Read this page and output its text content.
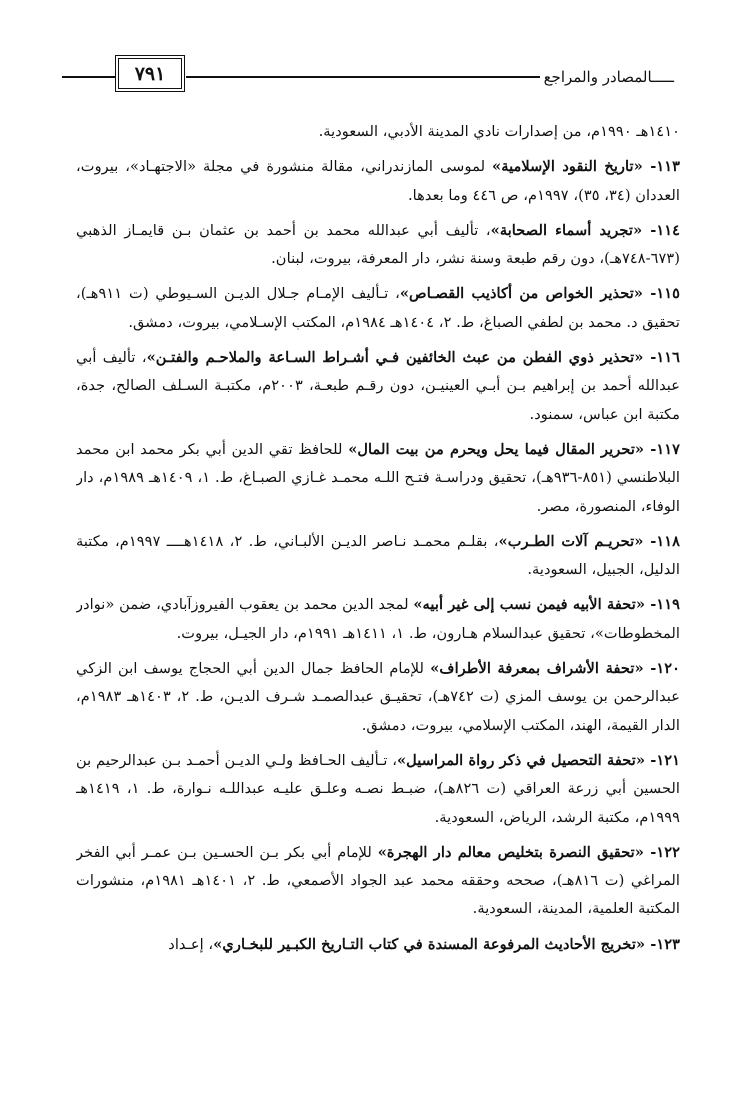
ـــــالمصادر والمراجع
٧٩١

١٤١٠هـ ١٩٩٠م، من إصدارات نادي المدينة الأدبي، السعودية.

١١٣- «تاريخ النقود الإسلامية» لموسى المازندراني، مقالة منشورة في مجلة «الاجتهـاد»، بيروت، العددان (٣٤، ٣٥)، ١٩٩٧م، ص ٤٤٦ وما بعدها.

١١٤- «تجريد أسماء الصحابة»، تأليف أبي عبدالله محمد بن أحمد بن عثمان بـن قايمـاز الذهبي (٦٧٣-٧٤٨هـ)، دون رقم طبعة وسنة نشر، دار المعرفة، بيروت، لبنان.

١١٥- «تحذير الخواص من أكاذيب القصـاص»، تـأليف الإمـام جـلال الديـن السـيوطي (ت ٩١١هـ)، تحقيق د. محمد بن لطفي الصباغ، ط. ٢، ١٤٠٤هـ ١٩٨٤م، المكتب الإسـلامي، بيروت، دمشق.

١١٦- «تحذير ذوي الفطن من عبث الخائفين فـي أشـراط السـاعة والملاحـم والفتـن»، تأليف أبي عبدالله أحمد بن إبراهيم بـن أبـي العينيـن، دون رقـم طبعـة، ٢٠٠٣م، مكتبـة السـلف الصالح، جدة، مكتبة ابن عباس، سمنود.

١١٧- «تحرير المقال فيما يحل ويحرم من بيت المال» للحافظ تقي الدين أبي بكر محمد ابن محمد البلاطنسي (٨٥١-٩٣٦هـ)، تحقيق ودراسـة فتـح اللـه محمـد غـازي الصبـاغ، ط. ١، ١٤٠٩هـ ١٩٨٩م، دار الوفاء، المنصورة، مصر.

١١٨- «تحريـم آلات الطـرب»، بقلـم محمـد نـاصر الديـن الألبـاني، ط. ٢، ١٤١٨هــــ ١٩٩٧م، مكتبة الدليل، الجبيل، السعودية.

١١٩- «تحفة الأبيه فيمن نسب إلى غير أبيه» لمجد الدين محمد بن يعقوب الفيروزآبادي، ضمن «نوادر المخطوطات»، تحقيق عبدالسلام هـارون، ط. ١، ١٤١١هـ ١٩٩١م، دار الجيـل، بيروت.

١٢٠- «تحفة الأشراف بمعرفة الأطراف» للإمام الحافظ جمال الدين أبي الحجاج يوسف ابن الزكي عبدالرحمن بن يوسف المزي (ت ٧٤٢هـ)، تحقيـق عبدالصمـد شـرف الديـن، ط. ٢، ١٤٠٣هـ ١٩٨٣م، الدار القيمة، الهند، المكتب الإسلامي، بيروت، دمشق.

١٢١- «تحفة التحصيل في ذكر رواة المراسيل»، تـأليف الحـافظ ولـي الديـن أحمـد بـن عبدالرحيم بن الحسين أبي زرعة العراقي (ت ٨٢٦هـ)، ضبـط نصـه وعلـق عليـه عبداللـه نـوارة، ط. ١، ١٤١٩هـ ١٩٩٩م، مكتبة الرشد، الرياض، السعودية.

١٢٢- «تحقيق النصرة بتخليص معالم دار الهجرة» للإمام أبي بكر بـن الحسـين بـن عمـر أبي الفخر المراغي (ت ٨١٦هـ)، صححه وحققه محمد عبد الجواد الأصمعي، ط. ٢، ١٤٠١هـ ١٩٨١م، منشورات المكتبة العلمية، المدينة، السعودية.

١٢٣- «تخريج الأحاديث المرفوعة المسندة في كتاب التـاريخ الكبـير للبخـاري»، إعـداد
